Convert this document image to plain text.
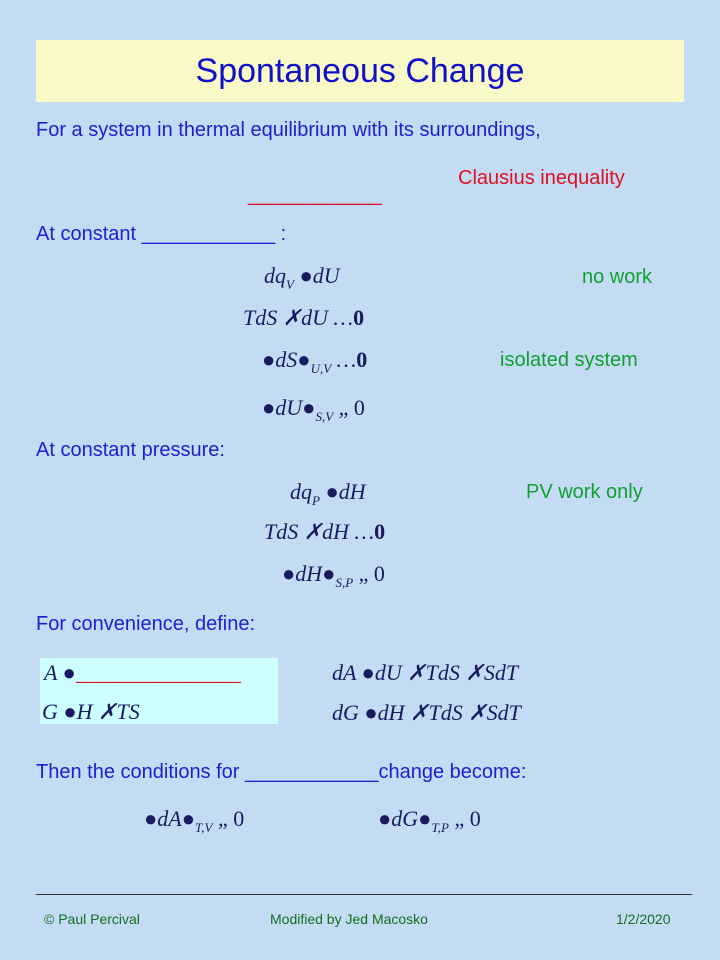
Spontaneous Change
For a system in thermal equilibrium with its surroundings,
Clausius inequality
____________
At constant ____________ :
$dq_V$ ●dU	no work
TdS ✗dU …0
$●dS●_{U,V}$ …0	isolated system
$●dU●_{S,V}$ „ 0
At constant pressure:
$dq_P$ ●dH	PV work only
TdS ✗dH …0
$●dH●_{S,P}$ „ 0
For convenience, define:
A ●_______________
G ●H ✗TS
dA ●dU ✗TdS ✗SdT
dG ●dH ✗TdS ✗SdT
Then the conditions for ____________change become:
$●dA●_{T,V}$ „ 0	$●dG●_{T,P}$ „ 0
© Paul Percival	Modified by Jed Macosko	1/2/2020
